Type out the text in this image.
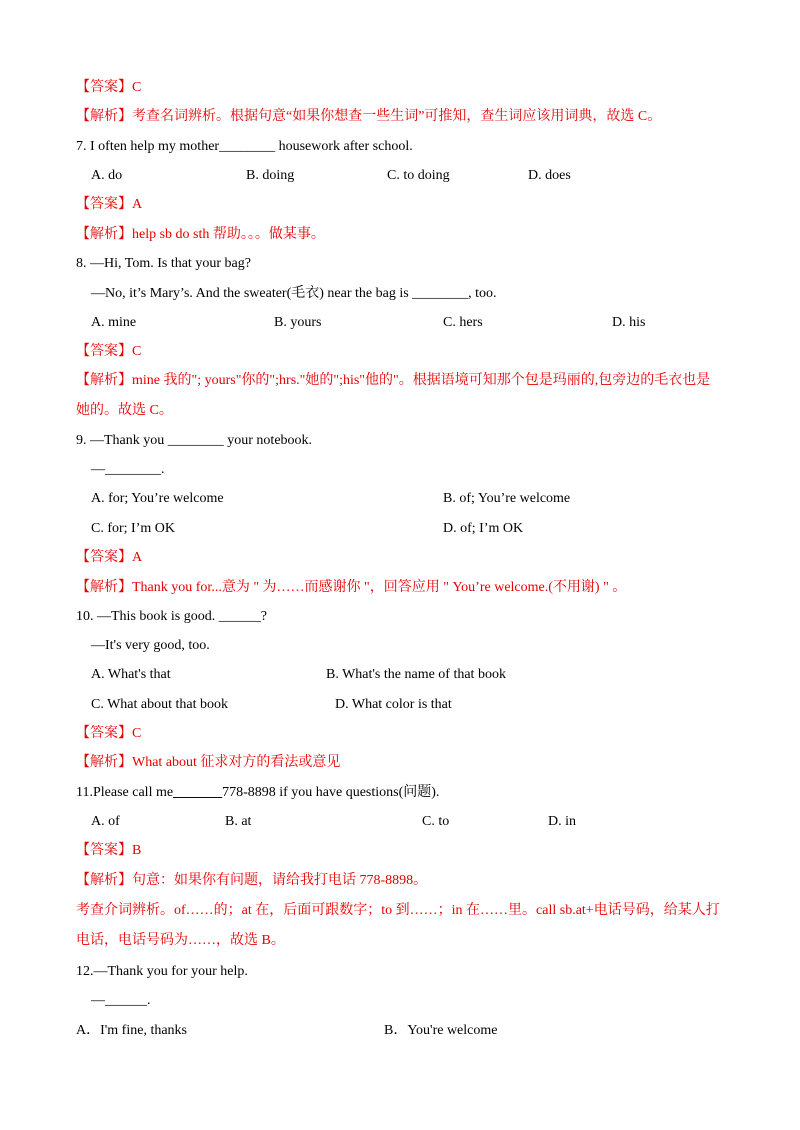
【答案】C
【解析】考查名词辨析。根据句意“如果你想查一些生词”可推知，查生词应该用词典，故选 C。
7. I often help my mother________ housework after school.
A. do	B. doing	C. to doing	D. does
【答案】A
【解析】help sb do sth 帮助。。。做某事。
8. —Hi, Tom. Is that your bag?
—No, it’s Mary’s. And the sweater(毛衣) near the bag is ________, too.
A. mine	B. yours	C. hers	D. his
【答案】C
【解析】mine 我的"; yours"你的";hrs."她的";his"他的"。根据语境可知那个包是玛丽的,包旁边的毛衣也是
她的。故选 C。
9. —Thank you ________ your notebook.
—________.
A. for; You’re welcome	B. of; You’re welcome
C. for; I’m OK	D. of; I’m OK
【答案】A
【解析】Thank you for...意为 " 为……而感谢你 "，回答应用 " You’re welcome.(不用谢) " 。
10. —This book is good. ______?
—It's very good, too.
A. What's that	B. What's the name of that book
C. What about that book	D. What color is that
【答案】C
【解析】What about 征求对方的看法或意见
11.Please call me_______778-8898 if you have questions(问题).
A. of	B. at	C. to	D. in
【答案】B
【解析】句意：如果你有问题，请给我打电话 778-8898。
考查介词辨析。of……的；at 在，后面可跟数字；to 到……；in 在……里。call sb.at+电话号码，给某人打
电话，电话号码为……，故选 B。
12.—Thank you for your help.
—______.
A．I'm fine, thanks	B．You're welcome
